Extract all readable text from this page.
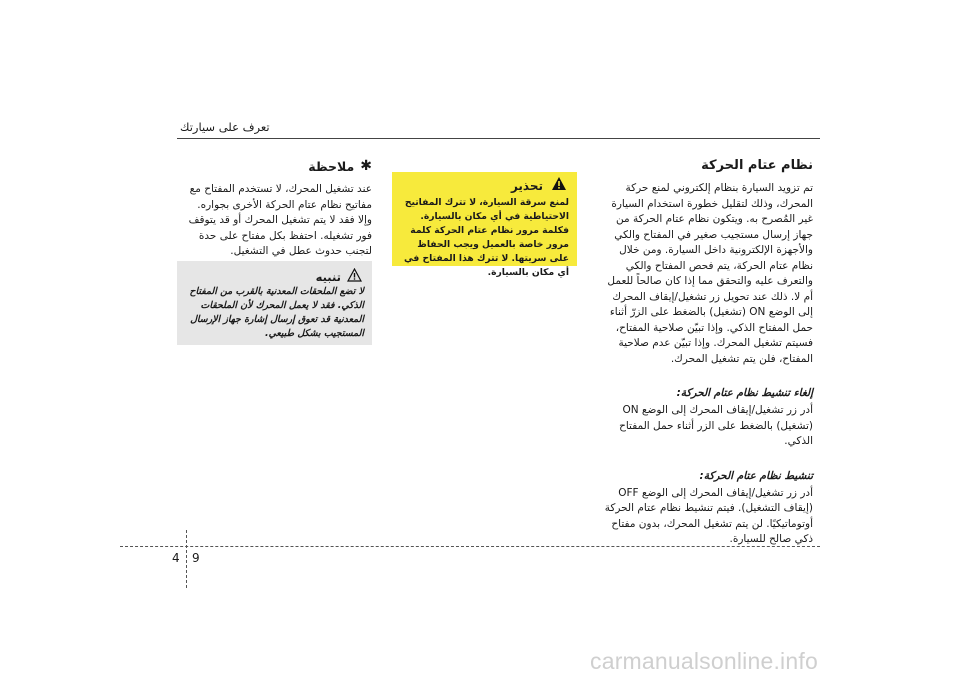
تعرف على سيارتك
نظام عتام الحركة

تم تزويد السيارة بنظام إلكتروني لمنع حركة المحرك، وذلك لتقليل خطورة استخدام السيارة غير المُصرح به. ويتكون نظام عتام الحركة من جهاز إرسال مستجيب صغير في المفتاح والكي والأجهزة الإلكترونية داخل السيارة. ومن خلال نظام عتام الحركة، يتم فحص المفتاح والكي والتعرف عليه والتحقق مما إذا كان صالحاً للعمل أم لا. ذلك عند تحويل زر تشغيل/إيقاف المحرك إلى الوضع ON (تشغيل) بالضغط على الزرّ أثناء حمل المفتاح الذكي. وإذا تبيّن صلاحية المفتاح، فسيتم تشغيل المحرك. وإذا تبيّن عدم صلاحية المفتاح، فلن يتم تشغيل المحرك.

إلغاء تنشيط نظام عتام الحركة:

أدر زر تشغيل/إيقاف المحرك إلى الوضع ON (تشغيل) بالضغط على الزر أثناء حمل المفتاح الذكي.

تنشيط نظام عتام الحركة:

أدر زر تشغيل/إيقاف المحرك إلى الوضع OFF (إيقاف التشغيل). فيتم تنشيط نظام عتام الحركة أوتوماتيكيًا. لن يتم تشغيل المحرك، بدون مفتاح ذكي صالح للسيارة.

تحذير
لمنع سرقة السيارة، لا تترك المفاتيح الاحتياطية في أي مكان بالسيارة. فكلمة مرور نظام عتام الحركة كلمة مرور خاصة بالعميل ويجب الحفاظ على سريتها. لا تترك هذا المفتاح في أي مكان بالسيارة.
✱
ملاحظة

عند تشغيل المحرك، لا تستخدم المفتاح مع مفاتيح نظام عتام الحركة الأخرى بجواره. وإلا فقد لا يتم تشغيل المحرك أو قد يتوقف فور تشغيله. احتفظ بكل مفتاح على حدة لتجنب حدوث عطل في التشغيل.

تنبيه
لا تضع الملحقات المعدنية بالقرب من المفتاح الذكي. فقد لا يعمل المحرك لأن الملحقات المعدنية قد تعوق إرسال إشارة جهاز الإرسال المستجيب بشكل طبيعي.
4 9
carmanualsonline.info
